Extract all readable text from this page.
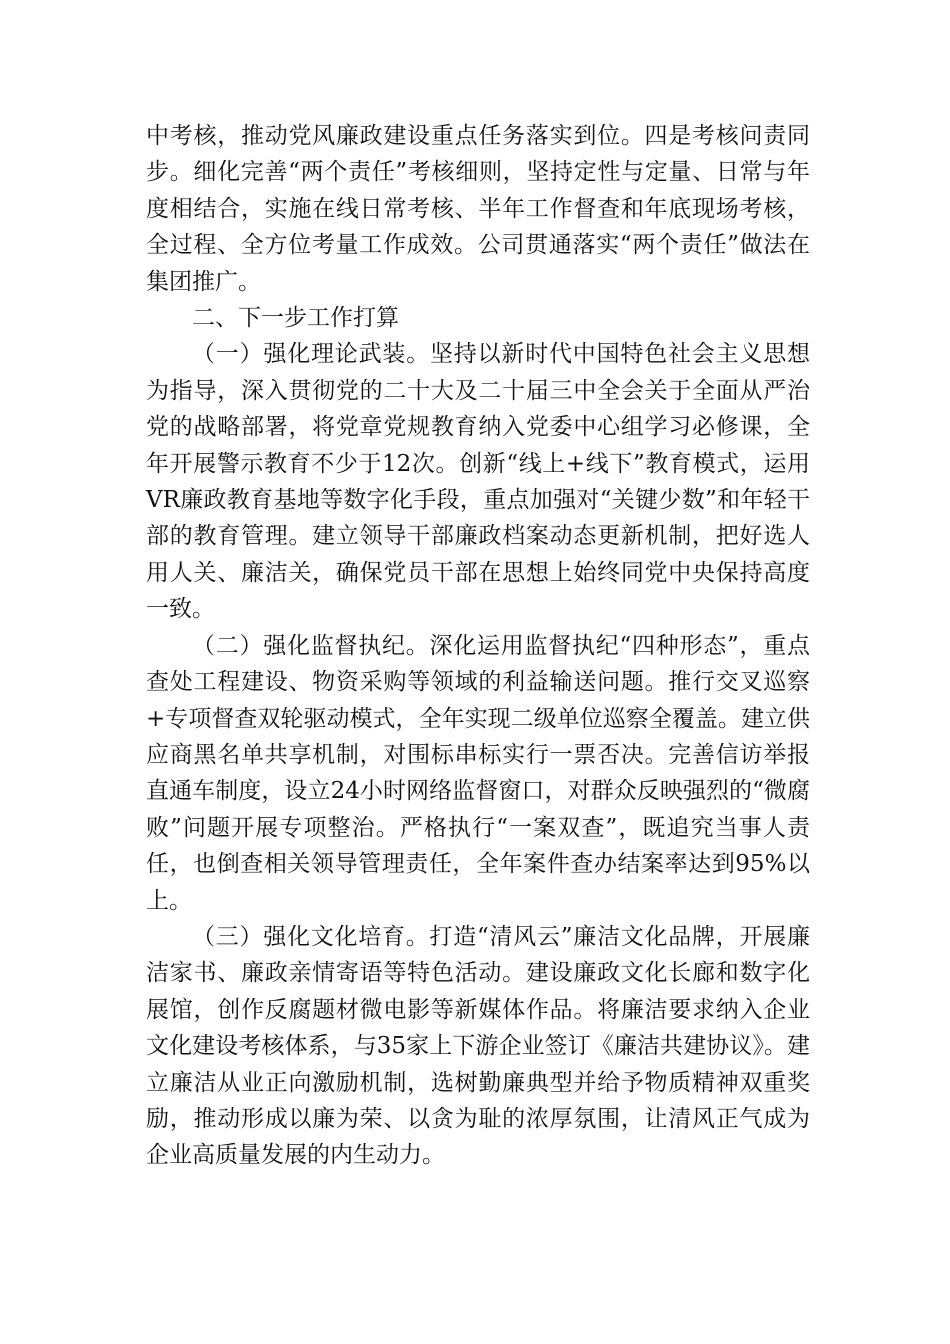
中考核，推动党风廉政建设重点任务落实到位。四是考核问责同步。细化完善“两个责任”考核细则，坚持定性与定量、日常与年度相结合，实施在线日常考核、半年工作督查和年底现场考核，全过程、全方位考量工作成效。公司贯通落实“两个责任”做法在集团推广。

二、下一步工作打算

（一）强化理论武装。坚持以新时代中国特色社会主义思想为指导，深入贯彻党的二十大及二十届三中全会关于全面从严治党的战略部署，将党章党规教育纳入党委中心组学习必修课，全年开展警示教育不少于12次。创新“线上+线下”教育模式，运用VR廉政教育基地等数字化手段，重点加强对“关键少数”和年轻干部的教育管理。建立领导干部廉政档案动态更新机制，把好选人用人关、廉洁关，确保党员干部在思想上始终同党中央保持高度一致。

（二）强化监督执纪。深化运用监督执纪“四种形态”，重点查处工程建设、物资采购等领域的利益输送问题。推行交叉巡察+专项督查双轮驱动模式，全年实现二级单位巡察全覆盖。建立供应商黑名单共享机制，对围标串标实行一票否决。完善信访举报直通车制度，设立24小时网络监督窗口，对群众反映强烈的“微腐败”问题开展专项整治。严格执行“一案双查”，既追究当事人责任，也倒查相关领导管理责任，全年案件查办结案率达到95%以上。

（三）强化文化培育。打造“清风云”廉洁文化品牌，开展廉洁家书、廉政亲情寄语等特色活动。建设廉政文化长廊和数字化展馆，创作反腐题材微电影等新媒体作品。将廉洁要求纳入企业文化建设考核体系，与35家上下游企业签订《廉洁共建协议》。建立廉洁从业正向激励机制，选树勤廉典型并给予物质精神双重奖励，推动形成以廉为荣、以贪为耻的浓厚氛围，让清风正气成为企业高质量发展的内生动力。
